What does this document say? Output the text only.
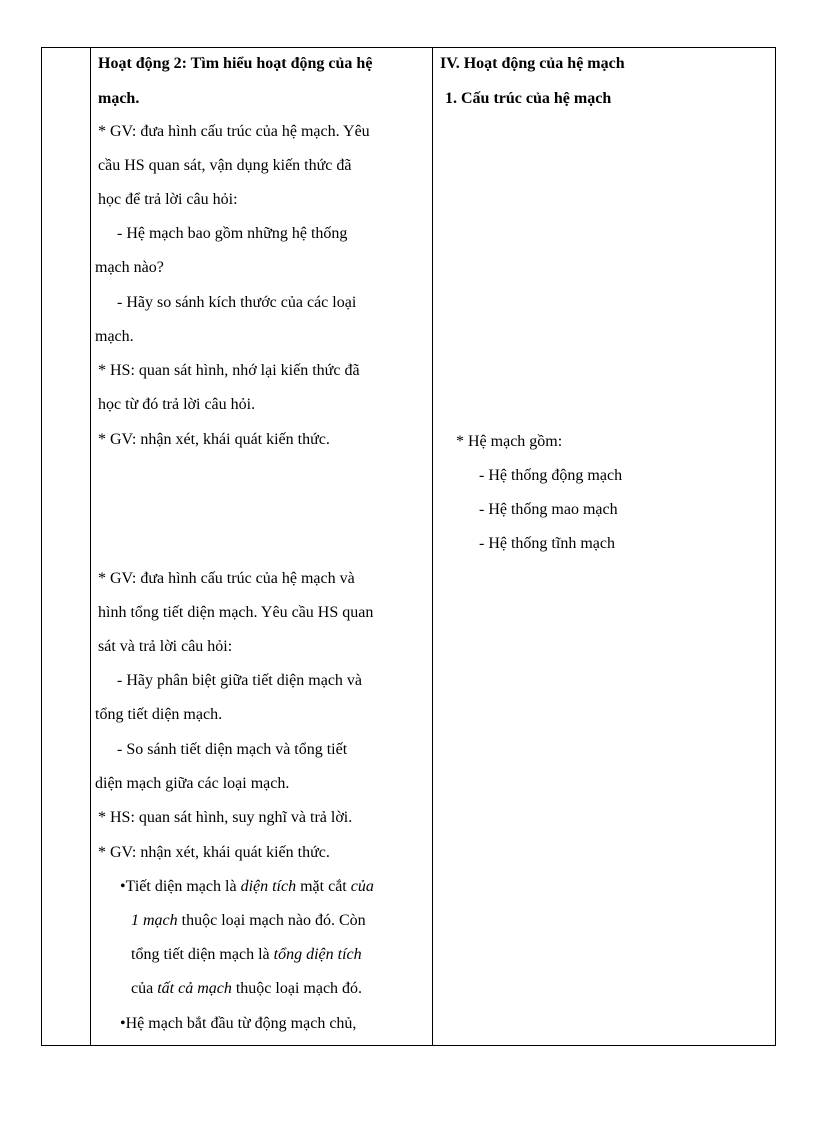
Hoạt động 2: Tìm hiểu hoạt động của hệ
mạch.
* GV: đưa hình cấu trúc của hệ mạch. Yêu
cầu HS quan sát, vận dụng kiến thức đã
học để trả lời câu hỏi:
- Hệ mạch bao gồm những hệ thống
mạch nào?
- Hãy so sánh kích thước của các loại
mạch.
* HS: quan sát hình, nhớ lại kiến thức đã
học từ đó trả lời câu hỏi.
* GV: nhận xét, khái quát kiến thức.
* GV: đưa hình cấu trúc của hệ mạch và
hình tổng tiết diện mạch. Yêu cầu HS quan
sát và trả lời câu hỏi:
- Hãy phân biệt giữa tiết diện mạch và
tổng tiết diện mạch.
- So sánh tiết diện mạch và tổng tiết
diện mạch giữa các loại mạch.
* HS: quan sát hình, suy nghĩ và trả lời.
* GV: nhận xét, khái quát kiến thức.
•Tiết diện mạch là diện tích mặt cắt của
1 mạch thuộc loại mạch nào đó. Còn
tổng tiết diện mạch là tổng diện tích
của tất cả mạch thuộc loại mạch đó.
•Hệ mạch bắt đầu từ động mạch chủ,
IV. Hoạt động của hệ mạch
1. Cấu trúc của hệ mạch
* Hệ mạch gồm:
- Hệ thống động mạch
- Hệ thống mao mạch
- Hệ thống tĩnh mạch
